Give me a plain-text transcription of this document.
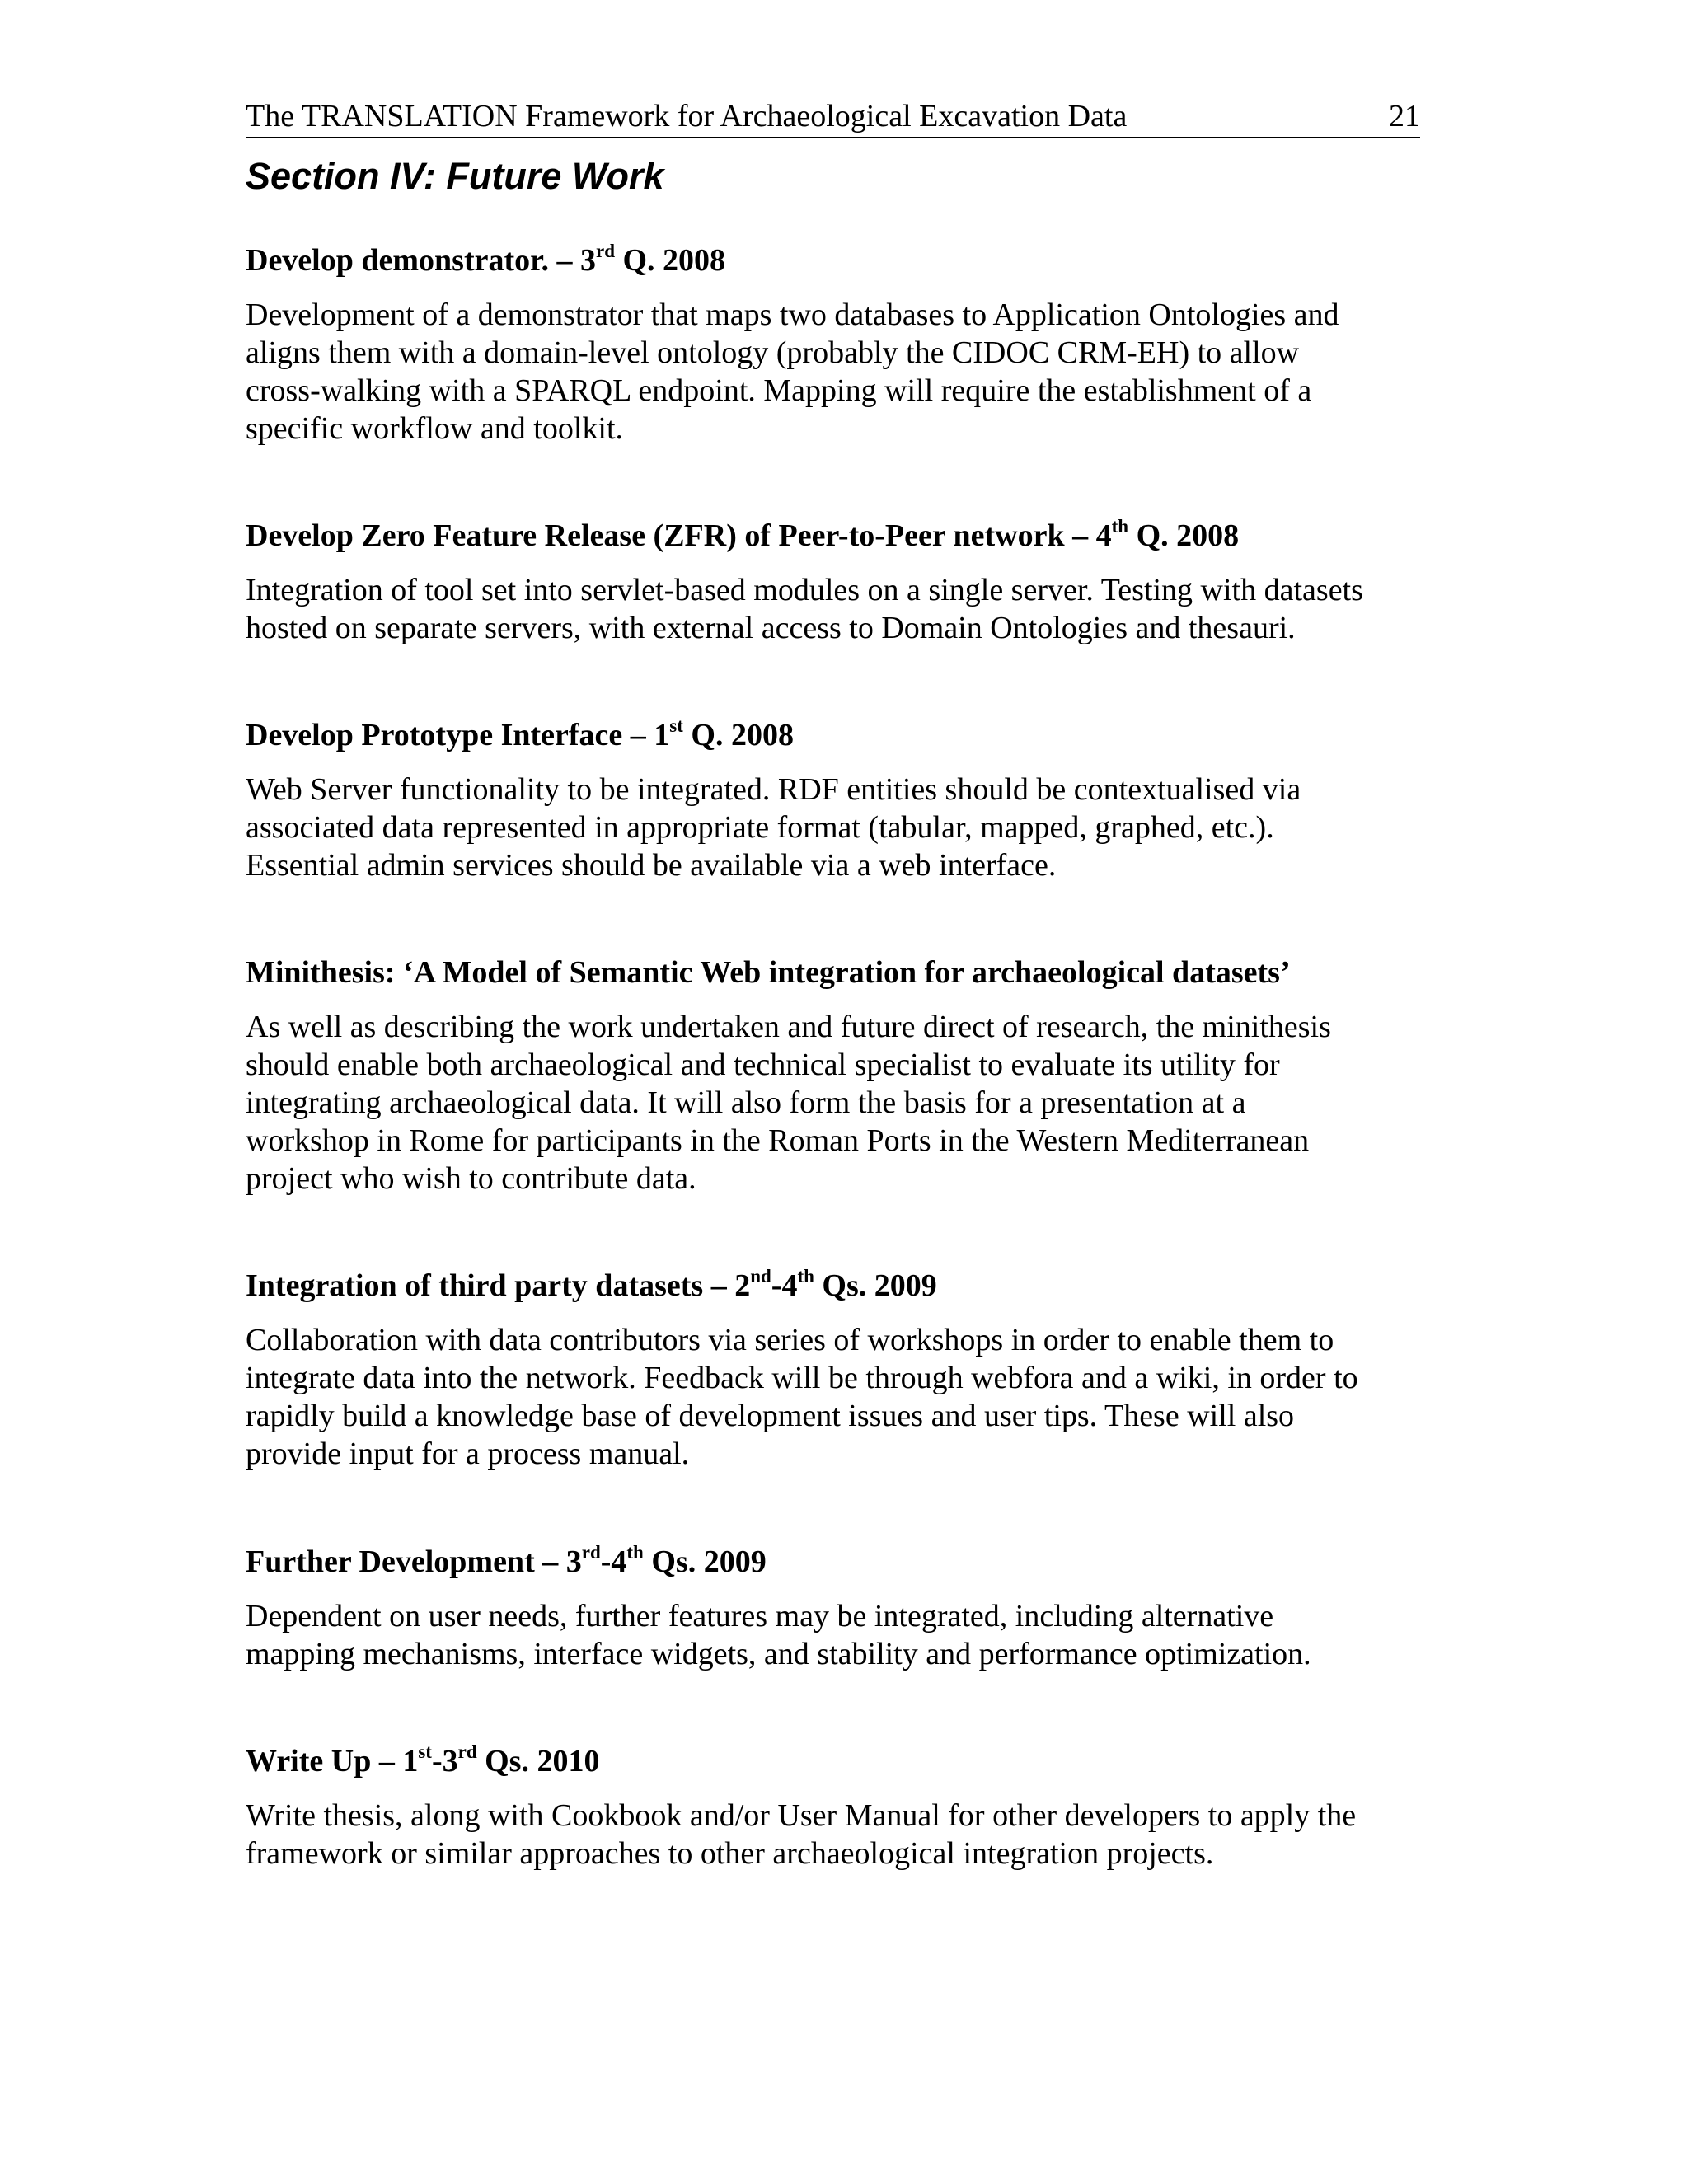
The TRANSLATION Framework for Archaeological Excavation Data	21
Section IV: Future Work
Develop demonstrator. – 3rd Q. 2008

Development of a demonstrator that maps two databases to Application Ontologies and
aligns them with a domain-level ontology (probably the CIDOC CRM-EH) to allow
cross-walking with a SPARQL endpoint. Mapping will require the establishment of a
specific workflow and toolkit.

Develop Zero Feature Release (ZFR) of Peer-to-Peer network – 4th Q. 2008

Integration of tool set into servlet-based modules on a single server. Testing with datasets
hosted on separate servers, with external access to Domain Ontologies and thesauri.

Develop Prototype Interface – 1st Q. 2008

Web Server functionality to be integrated. RDF entities should be contextualised via
associated data represented in appropriate format (tabular, mapped, graphed, etc.).
Essential admin services should be available via a web interface.

Minithesis: ‘A Model of Semantic Web integration for archaeological datasets’

As well as describing the work undertaken and future direct of research, the minithesis
should enable both archaeological and technical specialist to evaluate its utility for
integrating archaeological data. It will also form the basis for a presentation at a
workshop in Rome for participants in the Roman Ports in the Western Mediterranean
project who wish to contribute data.

Integration of third party datasets – 2nd-4th Qs. 2009

Collaboration with data contributors via series of workshops in order to enable them to
integrate data into the network. Feedback will be through webfora and a wiki, in order to
rapidly build a knowledge base of development issues and user tips. These will also
provide input for a process manual.

Further Development – 3rd-4th Qs. 2009

Dependent on user needs, further features may be integrated, including alternative
mapping mechanisms, interface widgets, and stability and performance optimization.

Write Up – 1st-3rd Qs. 2010

Write thesis, along with Cookbook and/or User Manual for other developers to apply the
framework or similar approaches to other archaeological integration projects.
